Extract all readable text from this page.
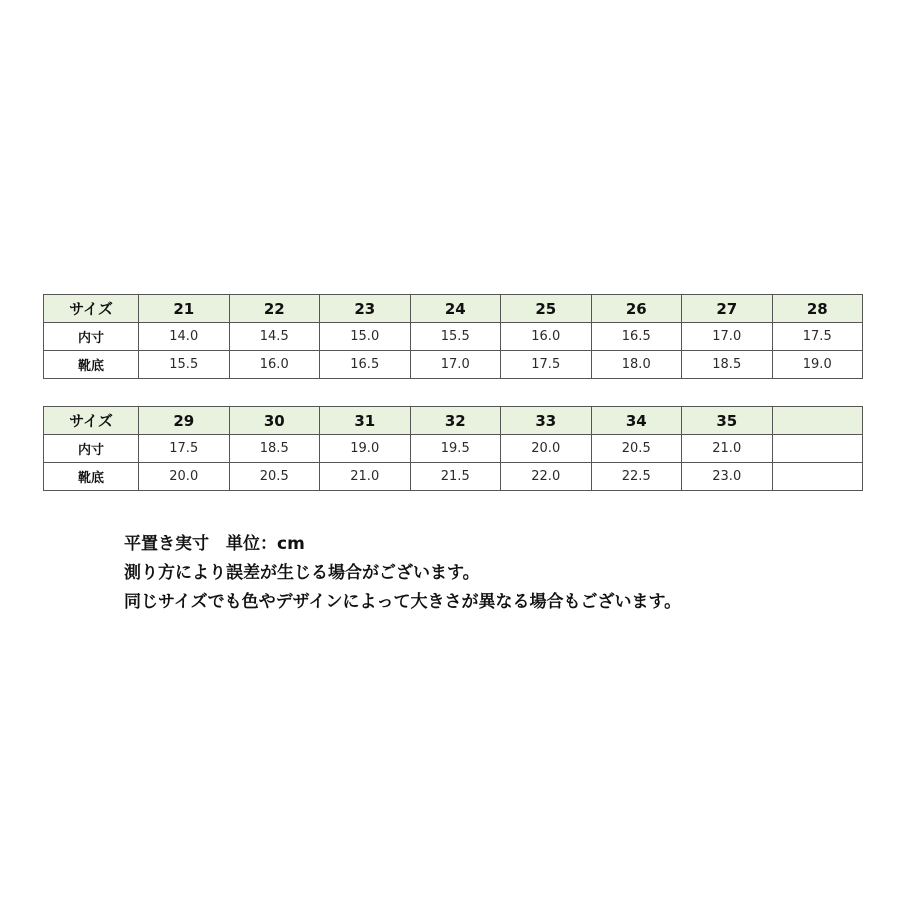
サイズ	21	22	23	24	25	26	27	28
内寸	14.0	14.5	15.0	15.5	16.0	16.5	17.0	17.5
靴底	15.5	16.0	16.5	17.0	17.5	18.0	18.5	19.0
サイズ	29	30	31	32	33	34	35	
内寸	17.5	18.5	19.0	19.5	20.0	20.5	21.0	
靴底	20.0	20.5	21.0	21.5	22.0	22.5	23.0	
平置き実寸　単位：cm
測り方により誤差が生じる場合がございます。
同じサイズでも色やデザインによって大きさが異なる場合もございます。
